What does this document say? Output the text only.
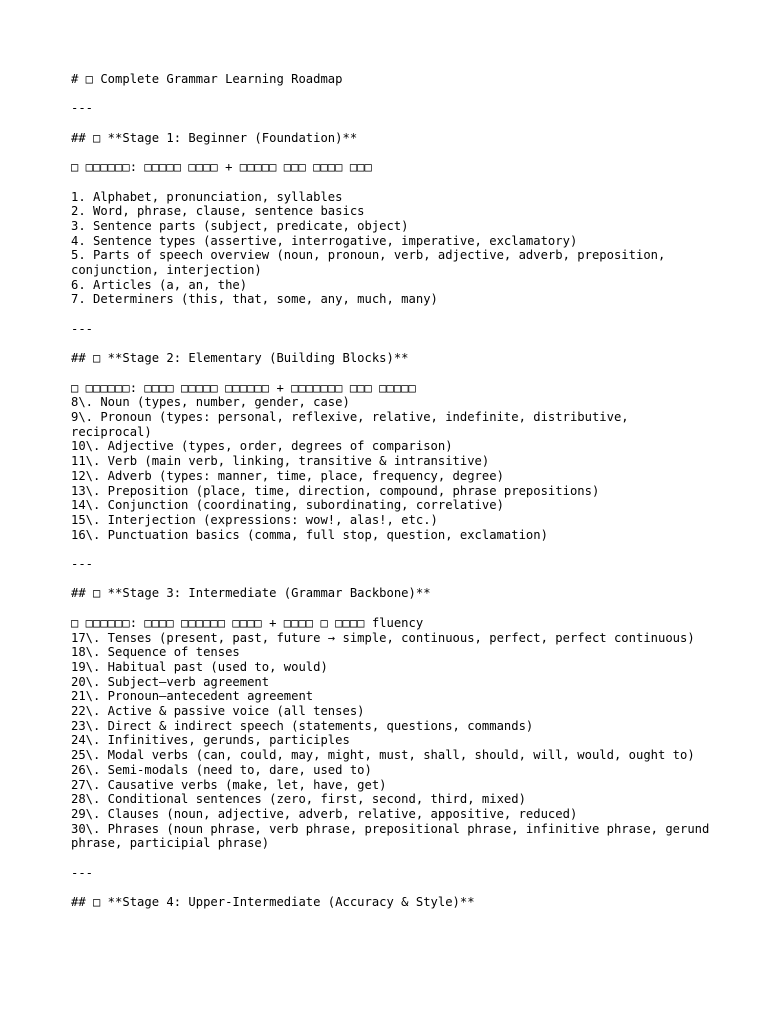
# □ Complete Grammar Learning Roadmap
---
## □ **Stage 1: Beginner (Foundation)**
□ □□□□□□: □□□□□ □□□□ + □□□□□ □□□ □□□□ □□□
1. Alphabet, pronunciation, syllables
2. Word, phrase, clause, sentence basics
3. Sentence parts (subject, predicate, object)
4. Sentence types (assertive, interrogative, imperative, exclamatory)
5. Parts of speech overview (noun, pronoun, verb, adjective, adverb, preposition, conjunction, interjection)
6. Articles (a, an, the)
7. Determiners (this, that, some, any, much, many)
---
## □ **Stage 2: Elementary (Building Blocks)**
□ □□□□□□: □□□□ □□□□□ □□□□□□ + □□□□□□□ □□□ □□□□□
8\. Noun (types, number, gender, case)
9\. Pronoun (types: personal, reflexive, relative, indefinite, distributive, reciprocal)
10\. Adjective (types, order, degrees of comparison)
11\. Verb (main verb, linking, transitive & intransitive)
12\. Adverb (types: manner, time, place, frequency, degree)
13\. Preposition (place, time, direction, compound, phrase prepositions)
14\. Conjunction (coordinating, subordinating, correlative)
15\. Interjection (expressions: wow!, alas!, etc.)
16\. Punctuation basics (comma, full stop, question, exclamation)
---
## □ **Stage 3: Intermediate (Grammar Backbone)**
□ □□□□□□: □□□□ □□□□□□ □□□□ + □□□□ □ □□□□ fluency
17\. Tenses (present, past, future → simple, continuous, perfect, perfect continuous)
18\. Sequence of tenses
19\. Habitual past (used to, would)
20\. Subject–verb agreement
21\. Pronoun–antecedent agreement
22\. Active & passive voice (all tenses)
23\. Direct & indirect speech (statements, questions, commands)
24\. Infinitives, gerunds, participles
25\. Modal verbs (can, could, may, might, must, shall, should, will, would, ought to)
26\. Semi-modals (need to, dare, used to)
27\. Causative verbs (make, let, have, get)
28\. Conditional sentences (zero, first, second, third, mixed)
29\. Clauses (noun, adjective, adverb, relative, appositive, reduced)
30\. Phrases (noun phrase, verb phrase, prepositional phrase, infinitive phrase, gerund phrase, participial phrase)
---
## □ **Stage 4: Upper-Intermediate (Accuracy & Style)**
